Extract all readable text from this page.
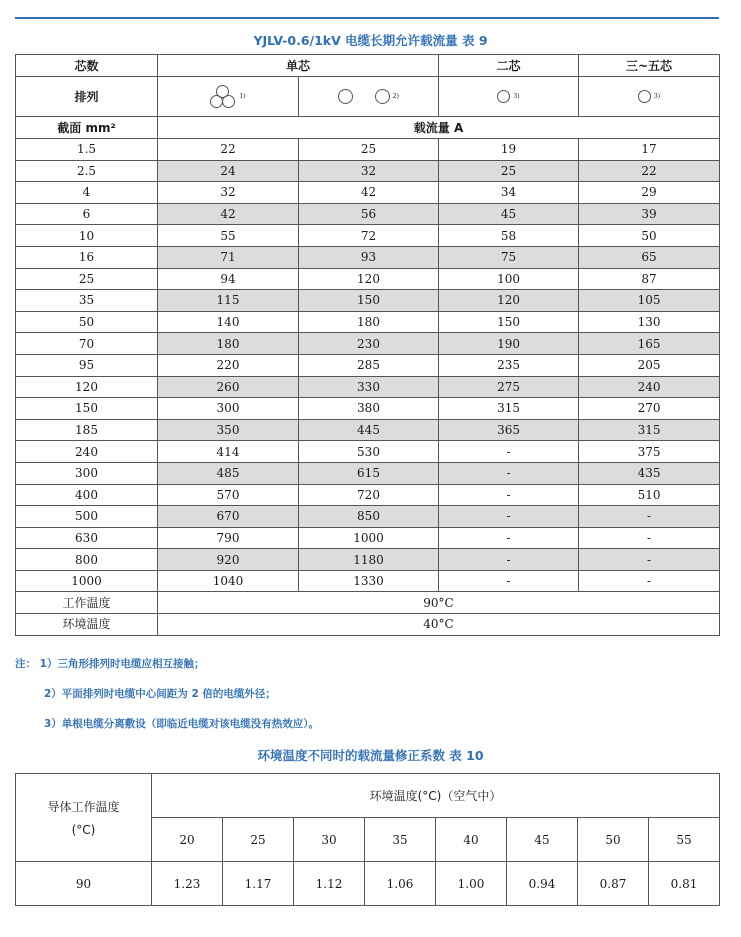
YJLV-0.6/1kV 电缆长期允许载流量 表 9
芯数	单芯		二芯	三~五芯
排列	1)	2)	3)	3)
截面 mm²	载流量 A			
1.5	22	25	19	17
2.5	24	32	25	22
4	32	42	34	29
6	42	56	45	39
10	55	72	58	50
16	71	93	75	65
25	94	120	100	87
35	115	150	120	105
50	140	180	150	130
70	180	230	190	165
95	220	285	235	205
120	260	330	275	240
150	300	380	315	270
185	350	445	365	315
240	414	530	-	375
300	485	615	-	435
400	570	720	-	510
500	670	850	-	-
630	790	1000	-	-
800	920	1180	-	-
1000	1040	1330	-	-
工作温度	90°C			
环境温度	40°C			
注： 1）三角形排列时电缆应相互接触；
2）平面排列时电缆中心间距为 2 倍的电缆外径；
3）单根电缆分离敷设（即临近电缆对该电缆没有热效应）。
环境温度不同时的载流量修正系数 表 10
导体工作温度
(°C)	环境温度(°C)（空气中）							
	20	25	30	35	40	45	50	55
90	1.23	1.17	1.12	1.06	1.00	0.94	0.87	0.81
